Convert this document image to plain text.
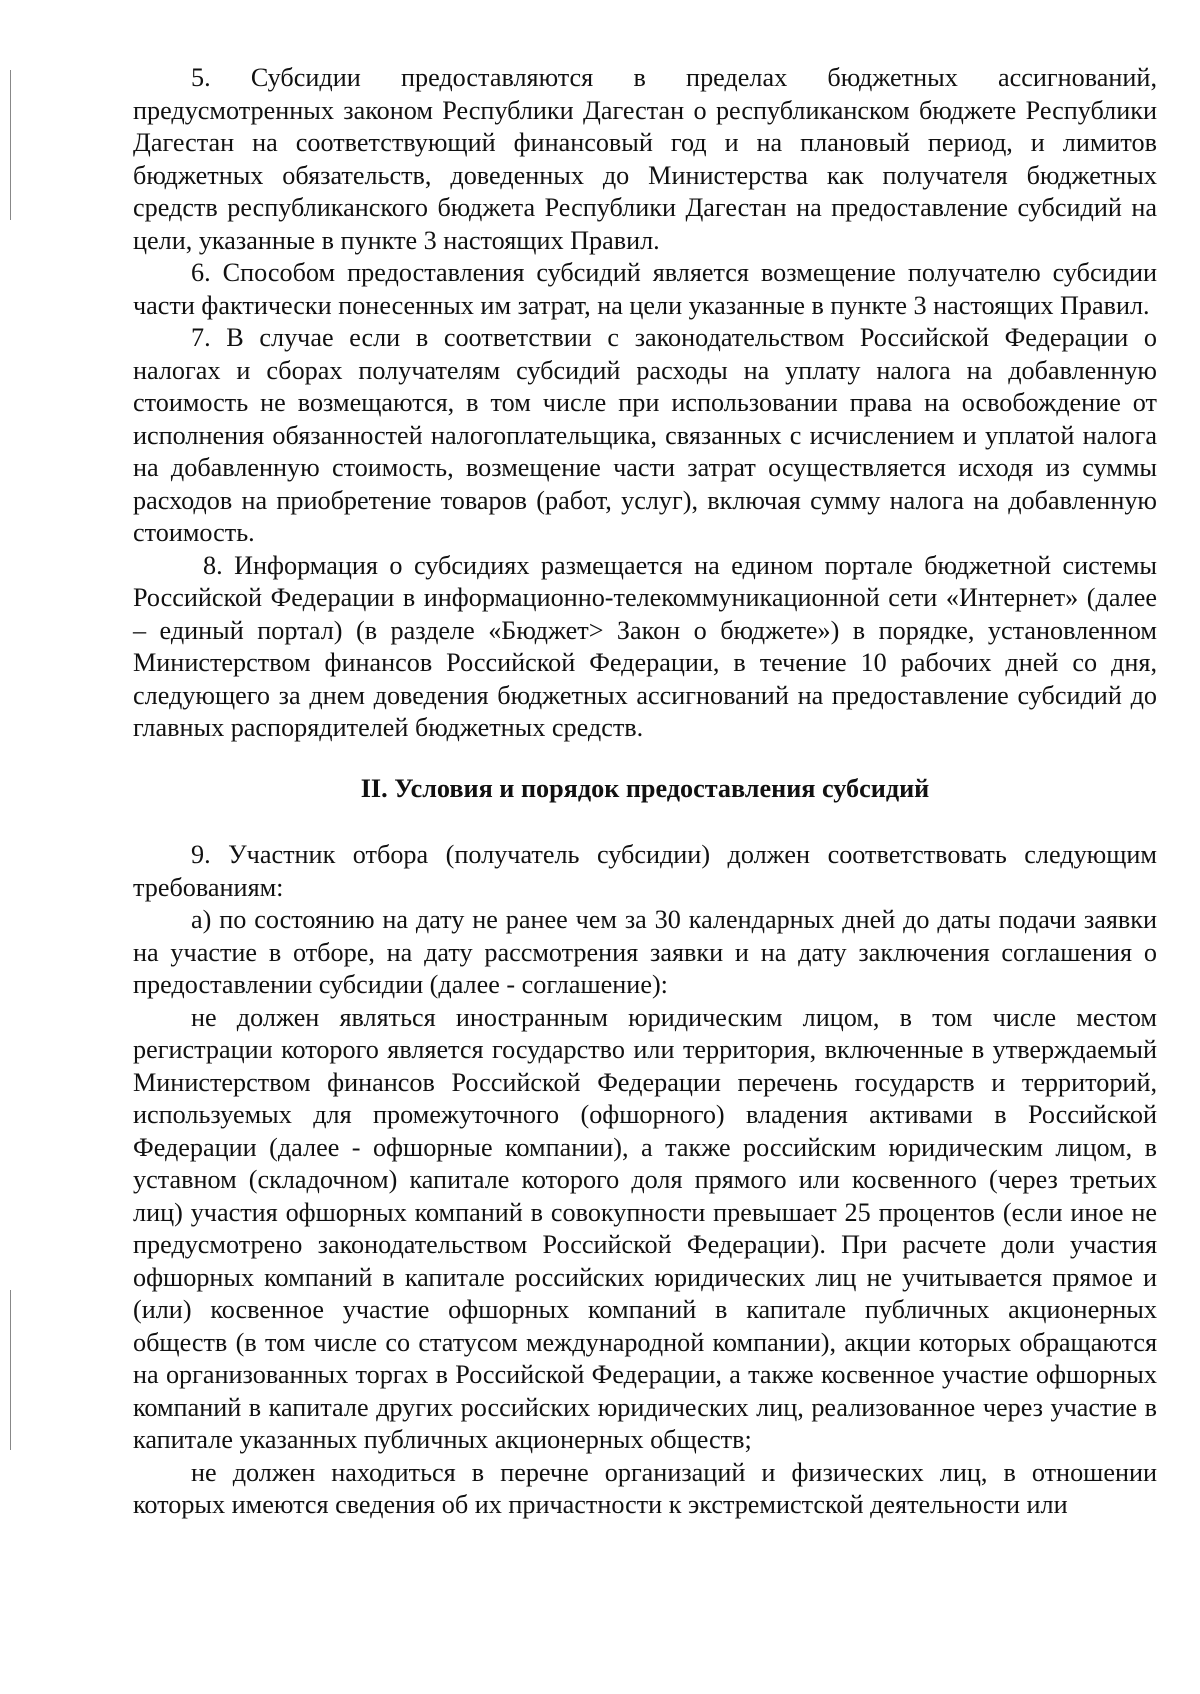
5. Субсидии предоставляются в пределах бюджетных ассигнований, предусмотренных законом Республики Дагестан о республиканском бюджете Республики Дагестан на соответствующий финансовый год и на плановый период, и лимитов бюджетных обязательств, доведенных до Министерства как получателя бюджетных средств республиканского бюджета Республики Дагестан на предоставление субсидий на цели, указанные в пункте 3 настоящих Правил.

6. Способом предоставления субсидий является возмещение получателю субсидии части фактически понесенных им затрат, на цели указанные в пункте 3 настоящих Правил.

7. В случае если в соответствии с законодательством Российской Федерации о налогах и сборах получателям субсидий расходы на уплату налога на добавленную стоимость не возмещаются, в том числе при использовании права на освобождение от исполнения обязанностей налогоплательщика, связанных с исчислением и уплатой налога на добавленную стоимость, возмещение части затрат осуществляется исходя из суммы расходов на приобретение товаров (работ, услуг), включая сумму налога на добавленную стоимость.

8. Информация о субсидиях размещается на едином портале бюджетной системы Российской Федерации в информационно-телекоммуникационной сети «Интернет» (далее – единый портал) (в разделе «Бюджет> Закон о бюджете») в порядке, установленном Министерством финансов Российской Федерации, в течение 10 рабочих дней со дня, следующего за днем доведения бюджетных ассигнований на предоставление субсидий до главных распорядителей бюджетных средств.

II. Условия и порядок предоставления субсидий

9. Участник отбора (получатель субсидии) должен соответствовать следующим требованиям:

а) по состоянию на дату не ранее чем за 30 календарных дней до даты подачи заявки на участие в отборе, на дату рассмотрения заявки и на дату заключения соглашения о предоставлении субсидии (далее - соглашение):

не должен являться иностранным юридическим лицом, в том числе местом регистрации которого является государство или территория, включенные в утверждаемый Министерством финансов Российской Федерации перечень государств и территорий, используемых для промежуточного (офшорного) владения активами в Российской Федерации (далее - офшорные компании), а также российским юридическим лицом, в уставном (складочном) капитале которого доля прямого или косвенного (через третьих лиц) участия офшорных компаний в совокупности превышает 25 процентов (если иное не предусмотрено законодательством Российской Федерации). При расчете доли участия офшорных компаний в капитале российских юридических лиц не учитывается прямое и (или) косвенное участие офшорных компаний в капитале публичных акционерных обществ (в том числе со статусом международной компании), акции которых обращаются на организованных торгах в Российской Федерации, а также косвенное участие офшорных компаний в капитале других российских юридических лиц, реализованное через участие в капитале указанных публичных акционерных обществ;

не должен находиться в перечне организаций и физических лиц, в отношении которых имеются сведения об их причастности к экстремистской деятельности или
